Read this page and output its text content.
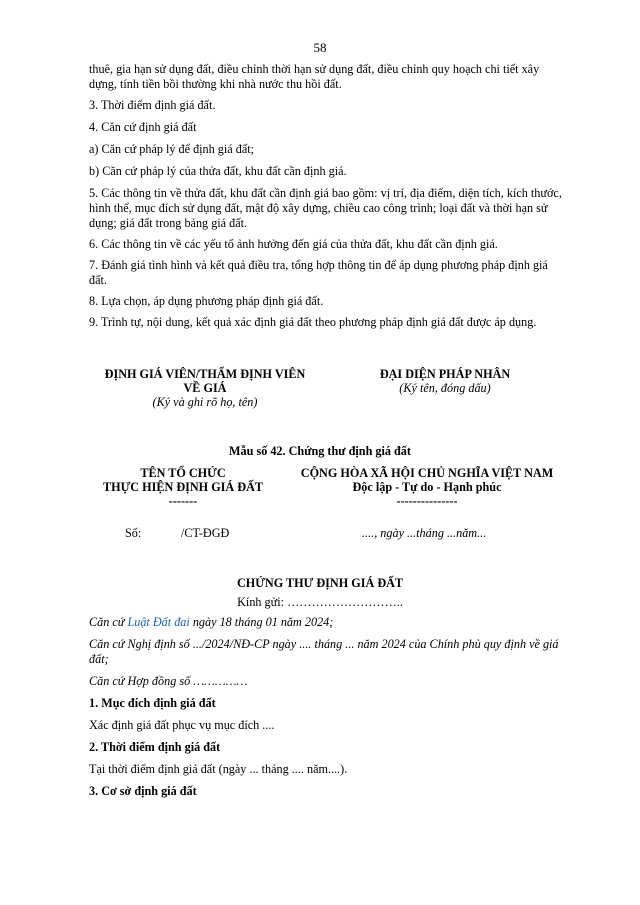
58

thuê, gia hạn sử dụng đất, điều chỉnh thời hạn sử dụng đất, điều chỉnh quy hoạch chi tiết xây dựng, tính tiền bồi thường khi nhà nước thu hồi đất.

3. Thời điểm định giá đất.

4. Căn cứ định giá đất

a) Căn cứ pháp lý để định giá đất;

b) Căn cứ pháp lý của thửa đất, khu đất cần định giá.

5. Các thông tin về thửa đất, khu đất cần định giá bao gồm: vị trí, địa điểm, diện tích, kích thước, hình thể, mục đích sử dụng đất, mật độ xây dựng, chiều cao công trình; loại đất và thời hạn sử dụng; giá đất trong bảng giá đất.

6. Các thông tin về các yếu tố ảnh hưởng đến giá của thửa đất, khu đất cần định giá.

7. Đánh giá tình hình và kết quả điều tra, tổng hợp thông tin để áp dụng phương pháp định giá đất.

8. Lựa chọn, áp dụng phương pháp định giá đất.

9. Trình tự, nội dung, kết quả xác định giá đất theo phương pháp định giá đất được áp dụng.

ĐỊNH GIÁ VIÊN/THẨM ĐỊNH VIÊN
VỀ GIÁ
(Ký và ghi rõ họ, tên)
ĐẠI DIỆN PHÁP NHÂN
(Ký tên, đóng dấu)
Mẫu số 42. Chứng thư định giá đất
TÊN TỔ CHỨC
THỰC HIỆN ĐỊNH GIÁ ĐẤT
-------
CỘNG HÒA XÃ HỘI CHỦ NGHĨA VIỆT NAM
Độc lập - Tự do - Hạnh phúc
---------------
Số:	/CT-ĐGĐ	...., ngày ...tháng ...năm...
CHỨNG THƯ ĐỊNH GIÁ ĐẤT
Kính gửi: ………………………..

Căn cứ Luật Đất đai ngày 18 tháng 01 năm 2024;

Căn cứ Nghị định số .../2024/NĐ-CP ngày .... tháng ... năm 2024 của Chính phủ quy định về giá đất;

Căn cứ Hợp đồng số ……………

1. Mục đích định giá đất

Xác định giá đất phục vụ mục đích ....

2. Thời điểm định giá đất

Tại thời điểm định giá đất (ngày ... tháng .... năm....).

3. Cơ sở định giá đất
